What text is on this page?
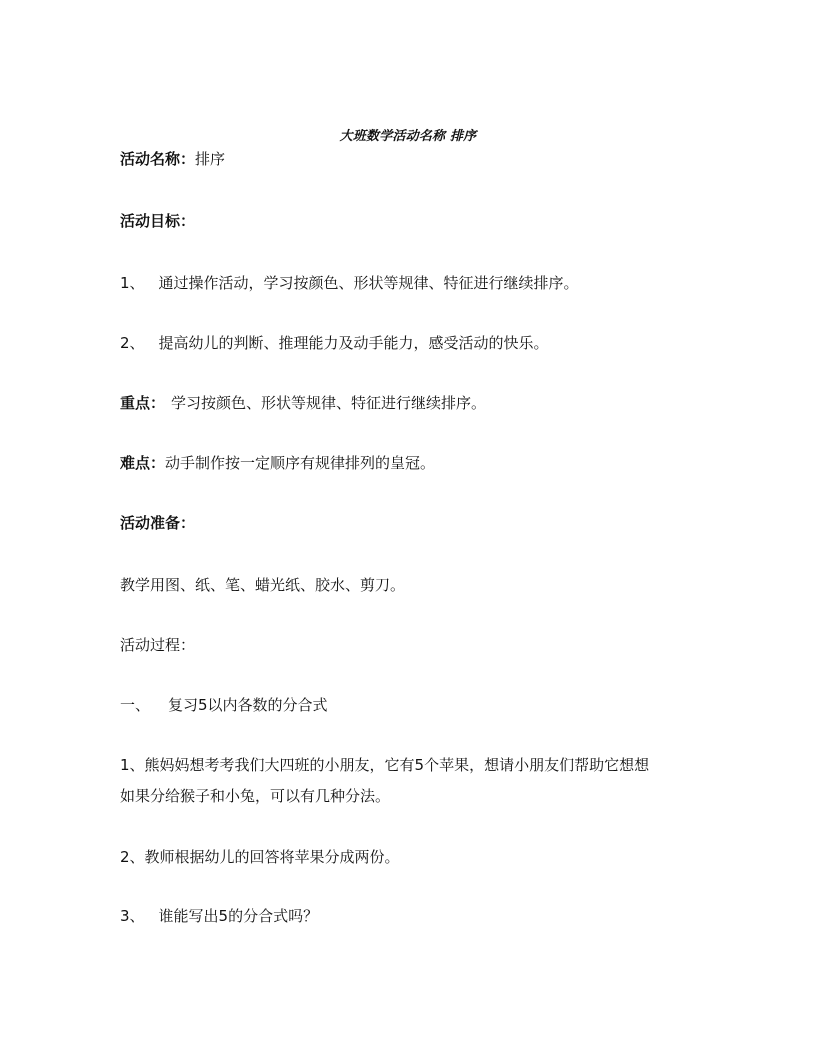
大班数学活动名称 排序
活动名称：排序
活动目标：
1、 通过操作活动，学习按颜色、形状等规律、特征进行继续排序。
2、 提高幼儿的判断、推理能力及动手能力，感受活动的快乐。
重点： 学习按颜色、形状等规律、特征进行继续排序。
难点：动手制作按一定顺序有规律排列的皇冠。
活动准备：
教学用图、纸、笔、蜡光纸、胶水、剪刀。
活动过程：
一、 复习5以内各数的分合式
1、熊妈妈想考考我们大四班的小朋友，它有5个苹果，想请小朋友们帮助它想想
如果分给猴子和小兔，可以有几种分法。
2、教师根据幼儿的回答将苹果分成两份。
3、 谁能写出5的分合式吗？
